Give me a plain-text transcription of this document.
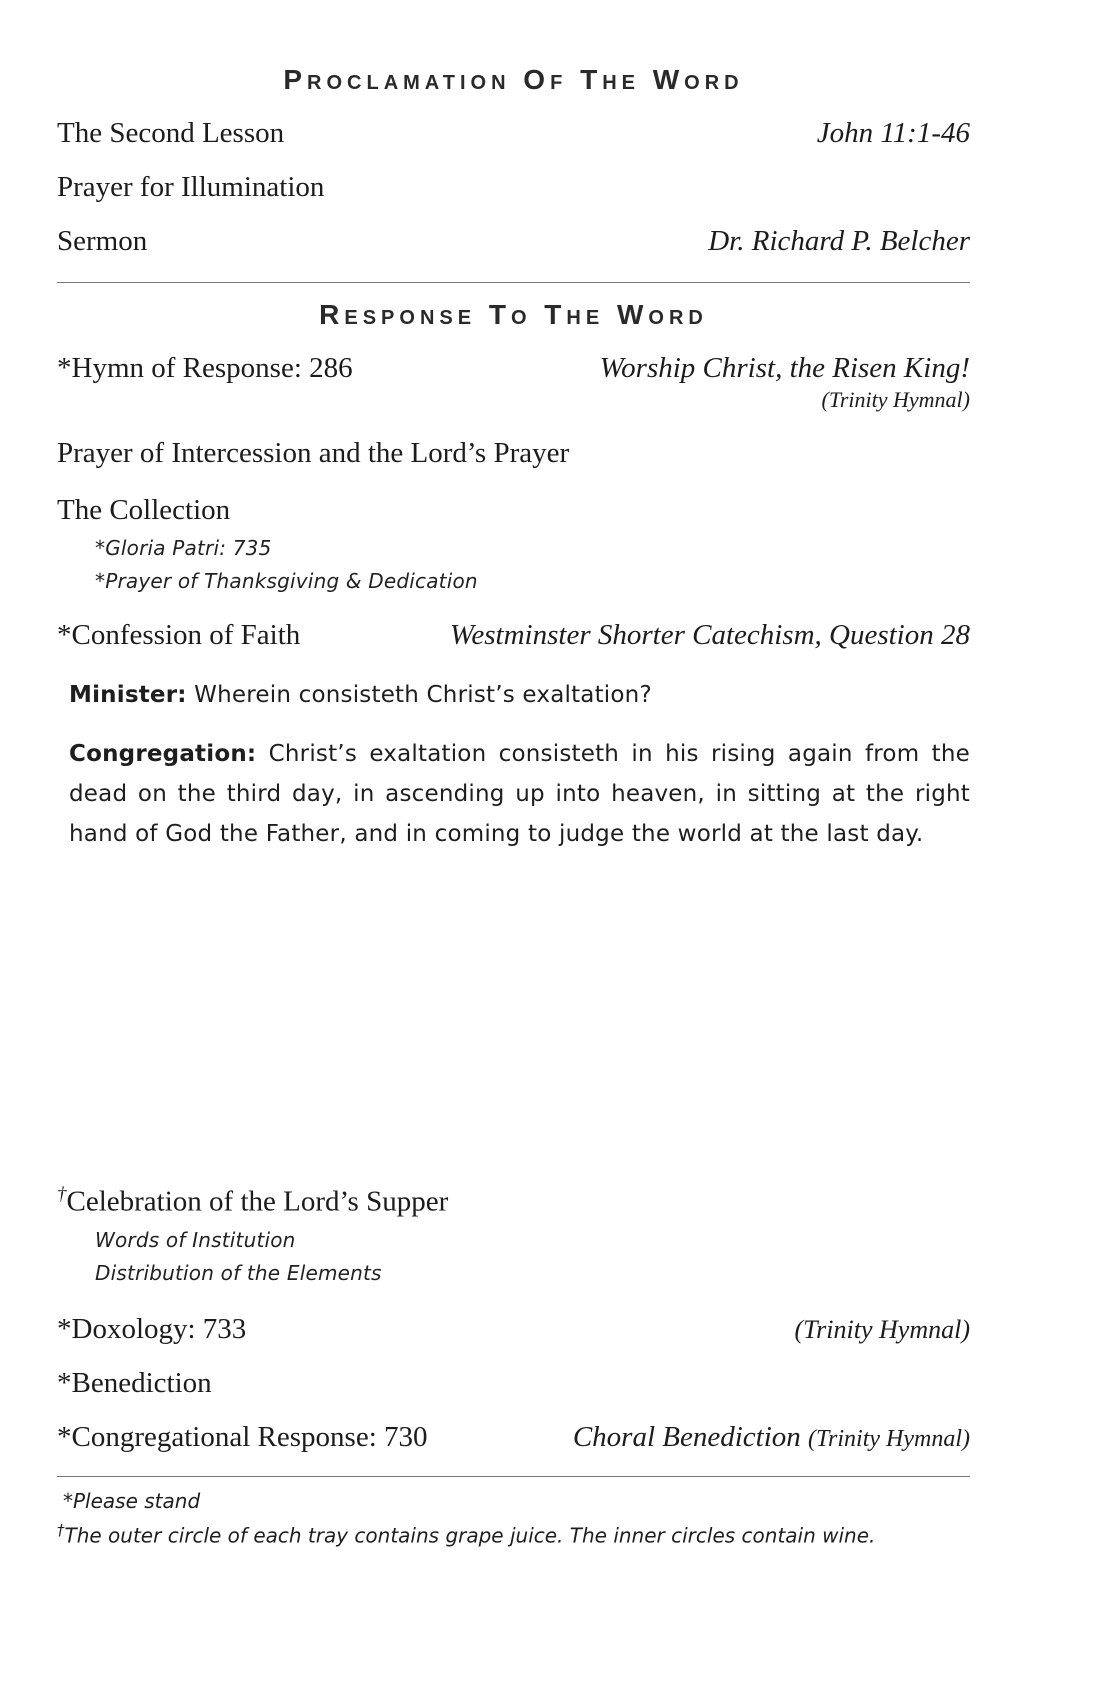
Proclamation Of The Word
The Second Lesson	John 11:1-46
Prayer for Illumination
Sermon	Dr. Richard P. Belcher
Response To The Word
*Hymn of Response: 286	Worship Christ, the Risen King!
(Trinity Hymnal)
Prayer of Intercession and the Lord’s Prayer
The Collection
*Gloria Patri: 735
*Prayer of Thanksgiving & Dedication
*Confession of Faith	Westminster Shorter Catechism, Question 28
Minister: Wherein consisteth Christ’s exaltation?
Congregation: Christ’s exaltation consisteth in his rising again from the dead on the third day, in ascending up into heaven, in sitting at the right hand of God the Father, and in coming to judge the world at the last day.
†Celebration of the Lord’s Supper
Words of Institution
Distribution of the Elements
*Doxology: 733	(Trinity Hymnal)
*Benediction
*Congregational Response: 730	Choral Benediction (Trinity Hymnal)
*Please stand
†The outer circle of each tray contains grape juice. The inner circles contain wine.
